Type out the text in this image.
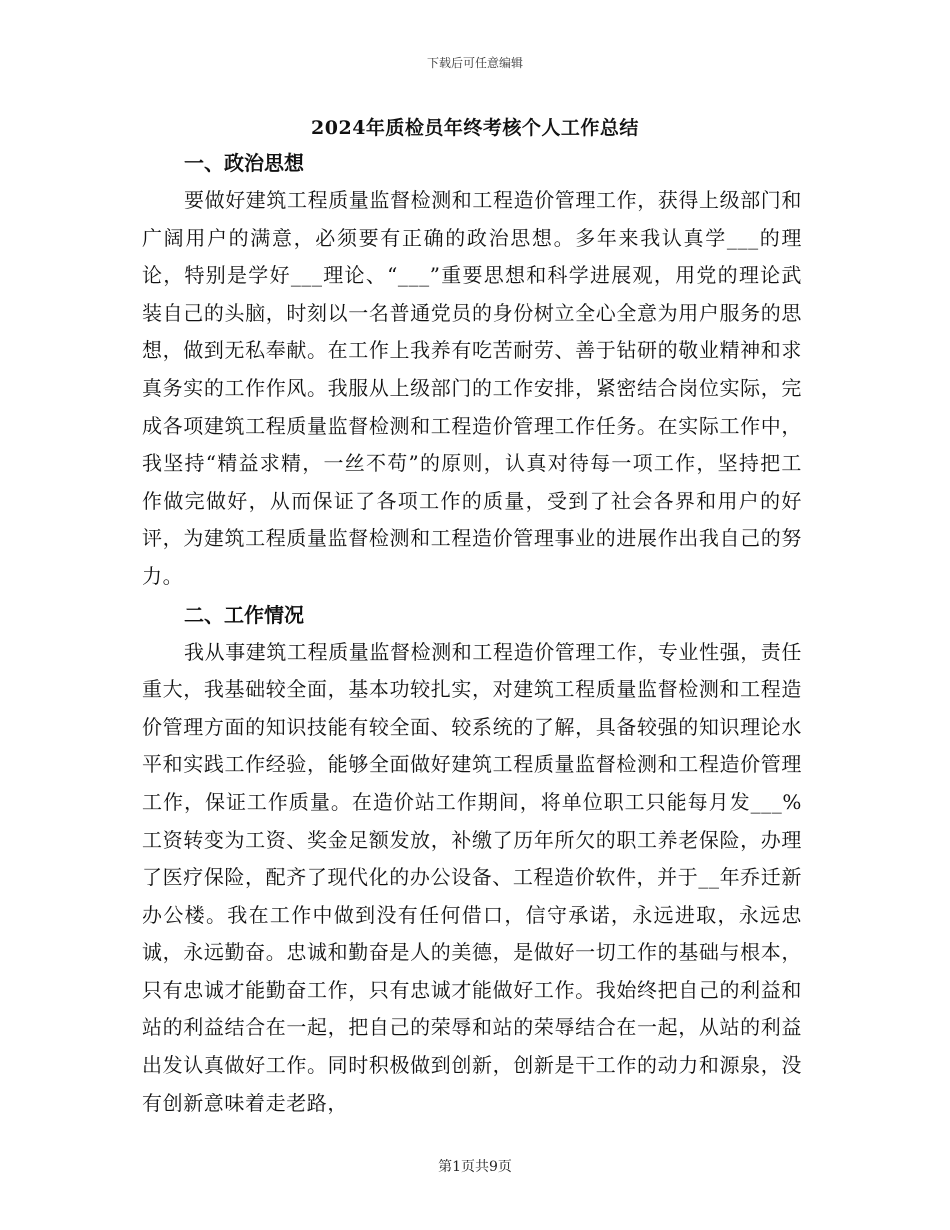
下载后可任意编辑
2024年质检员年终考核个人工作总结
一、政治思想

要做好建筑工程质量监督检测和工程造价管理工作，获得上级部门和广阔用户的满意，必须要有正确的政治思想。多年来我认真学___的理论，特别是学好___理论、“___”重要思想和科学进展观，用党的理论武装自己的头脑，时刻以一名普通党员的身份树立全心全意为用户服务的思想，做到无私奉献。在工作上我养有吃苦耐劳、善于钻研的敬业精神和求真务实的工作作风。我服从上级部门的工作安排，紧密结合岗位实际，完成各项建筑工程质量监督检测和工程造价管理工作任务。在实际工作中，我坚持“精益求精，一丝不苟”的原则，认真对待每一项工作，坚持把工作做完做好，从而保证了各项工作的质量，受到了社会各界和用户的好评，为建筑工程质量监督检测和工程造价管理事业的进展作出我自己的努力。

二、工作情况

我从事建筑工程质量监督检测和工程造价管理工作，专业性强，责任重大，我基础较全面，基本功较扎实，对建筑工程质量监督检测和工程造价管理方面的知识技能有较全面、较系统的了解，具备较强的知识理论水平和实践工作经验，能够全面做好建筑工程质量监督检测和工程造价管理工作，保证工作质量。在造价站工作期间，将单位职工只能每月发___%工资转变为工资、奖金足额发放，补缴了历年所欠的职工养老保险，办理了医疗保险，配齐了现代化的办公设备、工程造价软件，并于__年乔迁新办公楼。我在工作中做到没有任何借口，信守承诺，永远进取，永远忠诚，永远勤奋。忠诚和勤奋是人的美德，是做好一切工作的基础与根本，只有忠诚才能勤奋工作，只有忠诚才能做好工作。我始终把自己的利益和站的利益结合在一起，把自己的荣辱和站的荣辱结合在一起，从站的利益出发认真做好工作。同时积极做到创新，创新是干工作的动力和源泉，没有创新意味着走老路，

第1页共9页
